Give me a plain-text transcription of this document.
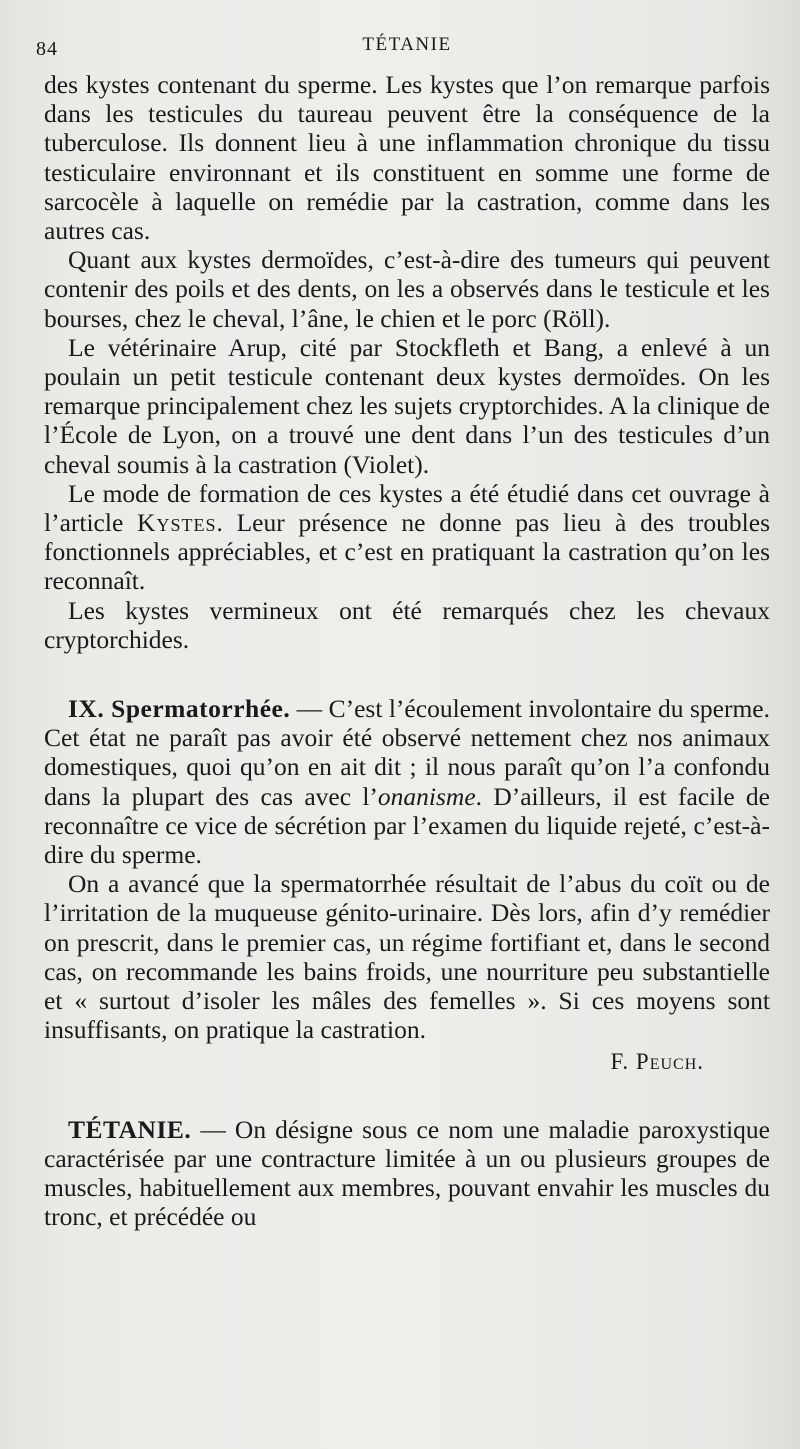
84	TÉTANIE

des kystes contenant du sperme. Les kystes que l’on remarque parfois dans les testicules du taureau peuvent être la conséquence de la tuberculose. Ils donnent lieu à une inflammation chronique du tissu testiculaire environnant et ils constituent en somme une forme de sarcocèle à laquelle on remédie par la castration, comme dans les autres cas.

Quant aux kystes dermoïdes, c’est-à-dire des tumeurs qui peuvent contenir des poils et des dents, on les a observés dans le testicule et les bourses, chez le cheval, l’âne, le chien et le porc (Röll).

Le vétérinaire Arup, cité par Stockfleth et Bang, a enlevé à un poulain un petit testicule contenant deux kystes dermoïdes. On les remarque principalement chez les sujets cryptorchides. A la clinique de l’École de Lyon, on a trouvé une dent dans l’un des testicules d’un cheval soumis à la castration (Violet).

Le mode de formation de ces kystes a été étudié dans cet ouvrage à l’article Kystes. Leur présence ne donne pas lieu à des troubles fonctionnels appréciables, et c’est en pratiquant la castration qu’on les reconnaît.

Les kystes vermineux ont été remarqués chez les chevaux cryptorchides.

IX. Spermatorrhée. — C’est l’écoulement involontaire du sperme. Cet état ne paraît pas avoir été observé nettement chez nos animaux domestiques, quoi qu’on en ait dit ; il nous paraît qu’on l’a confondu dans la plupart des cas avec l’onanisme. D’ailleurs, il est facile de reconnaître ce vice de sécrétion par l’examen du liquide rejeté, c’est-à-dire du sperme.

On a avancé que la spermatorrhée résultait de l’abus du coït ou de l’irritation de la muqueuse génito-urinaire. Dès lors, afin d’y remédier on prescrit, dans le premier cas, un régime fortifiant et, dans le second cas, on recommande les bains froids, une nourriture peu substantielle et « surtout d’isoler les mâles des femelles ». Si ces moyens sont insuffisants, on pratique la castration.

F. Peuch.

TÉTANIE. — On désigne sous ce nom une maladie paroxystique caractérisée par une contracture limitée à un ou plusieurs groupes de muscles, habituellement aux membres, pouvant envahir les muscles du tronc, et précédée ou
